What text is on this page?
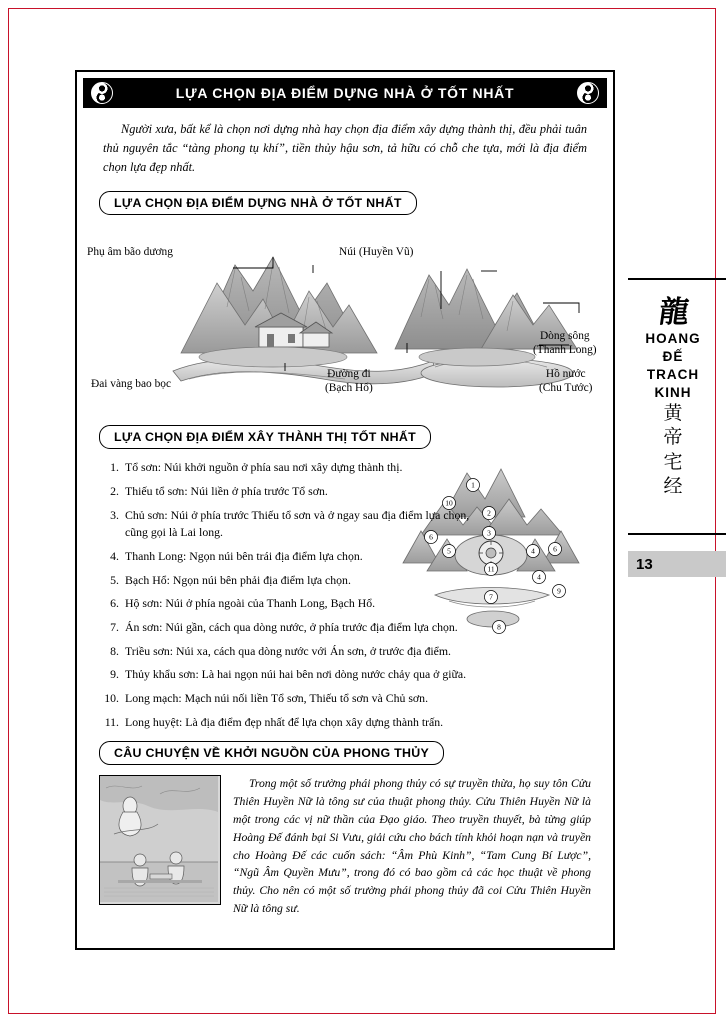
龍
HOANG
ĐẾ
TRACH
KINH
黄
帝
宅
经
13
LỰA CHỌN ĐỊA ĐIỂM DỰNG NHÀ Ở TỐT NHẤT
Người xưa, bất kể là chọn nơi dựng nhà hay chọn địa điểm xây dựng thành thị, đều phải tuân thủ nguyên tắc “tàng phong tụ khí”, tiền thủy hậu sơn, tả hữu có chỗ che tựa, mới là địa điểm chọn lựa đẹp nhất.
LỰA CHỌN ĐỊA ĐIỂM DỰNG NHÀ Ở TỐT NHẤT
Phụ âm bão dương	Núi (Huyền Vũ)
Dòng sông
(Thanh Long)
Hồ nước
(Chu Tước)
Đường đi
(Bạch Hổ)
Đai vàng bao bọc
LỰA CHỌN ĐỊA ĐIỂM XÂY THÀNH THỊ TỐT NHẤT
1
10
2
3
6
5
11
4 6
4
7
9
8
1. Tổ sơn: Núi khởi nguồn ở phía sau nơi xây dựng thành thị.
2. Thiếu tổ sơn: Núi liền ở phía trước Tổ sơn.
3. Chủ sơn: Núi ở phía trước Thiếu tổ sơn và ở ngay sau địa điểm lựa chọn, cũng gọi là Lai long.
4. Thanh Long: Ngọn núi bên trái địa điểm lựa chọn.
5. Bạch Hổ: Ngọn núi bên phải địa điểm lựa chọn.
6. Hộ sơn: Núi ở phía ngoài của Thanh Long, Bạch Hổ.
7. Án sơn: Núi gần, cách qua dòng nước, ở phía trước địa điểm lựa chọn.
8. Triều sơn: Núi xa, cách qua dòng nước với Án sơn, ở trước địa điểm.
9. Thủy khẩu sơn: Là hai ngọn núi hai bên nơi dòng nước chảy qua ở giữa.
10. Long mạch: Mạch núi nối liền Tổ sơn, Thiếu tổ sơn và Chủ sơn.
11. Long huyệt: Là địa điểm đẹp nhất để lựa chọn xây dựng thành trấn.
CÂU CHUYỆN VỀ KHỞI NGUỒN CỦA PHONG THỦY
Trong một số trường phái phong thủy có sự truyền thừa, họ suy tôn Cửu Thiên Huyền Nữ là tông sư của thuật phong thủy. Cửu Thiên Huyền Nữ là một trong các vị nữ thần của Đạo giáo. Theo truyền thuyết, bà từng giúp Hoàng Đế đánh bại Si Vưu, giải cứu cho bách tính khỏi hoạn nạn và truyền cho Hoàng Đế các cuốn sách: “Âm Phù Kinh”, “Tam Cung Bí Lược”, “Ngũ Âm Quyền Mưu”, trong đó có bao gồm cả các học thuật về phong thủy. Cho nên có một số trường phái phong thủy đã coi Cửu Thiên Huyền Nữ là tông sư.
